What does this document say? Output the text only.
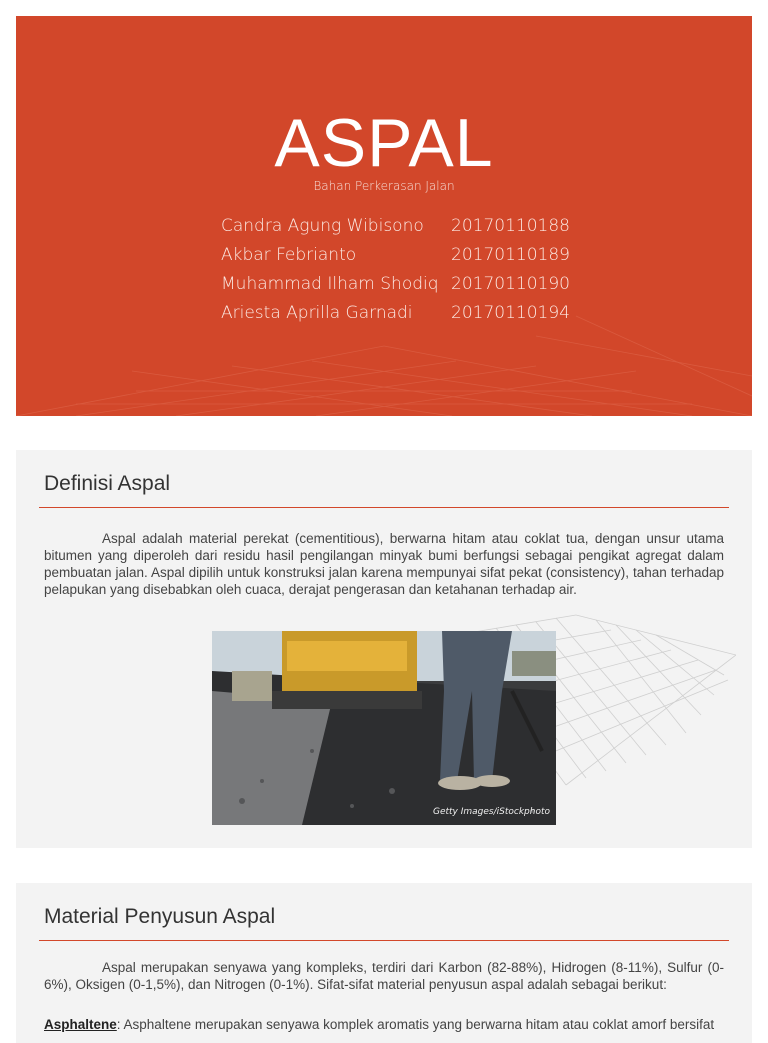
ASPAL
Bahan Perkerasan Jalan
Candra Agung Wibisono 20170110188
Akbar Febrianto	20170110189
Muhammad Ilham Shodiq 20170110190
Ariesta Aprilla Garnadi 20170110194
Definisi Aspal
Aspal adalah material perekat (cementitious), berwarna hitam atau coklat tua, dengan unsur utama bitumen yang diperoleh dari residu hasil pengilangan minyak bumi berfungsi sebagai pengikat agregat dalam pembuatan jalan. Aspal dipilih untuk konstruksi jalan karena mempunyai sifat pekat (consistency), tahan terhadap pelapukan yang disebabkan oleh cuaca, derajat pengerasan dan ketahanan terhadap air.
Getty Images/iStockphoto
Material Penyusun Aspal
Aspal merupakan senyawa yang kompleks, terdiri dari Karbon (82-88%), Hidrogen (8-11%), Sulfur (0-6%), Oksigen (0-1,5%), dan Nitrogen (0-1%). Sifat-sifat material penyusun aspal adalah sebagai berikut:
Asphaltene: Asphaltene merupakan senyawa komplek aromatis yang berwarna hitam atau coklat amorf bersifat
